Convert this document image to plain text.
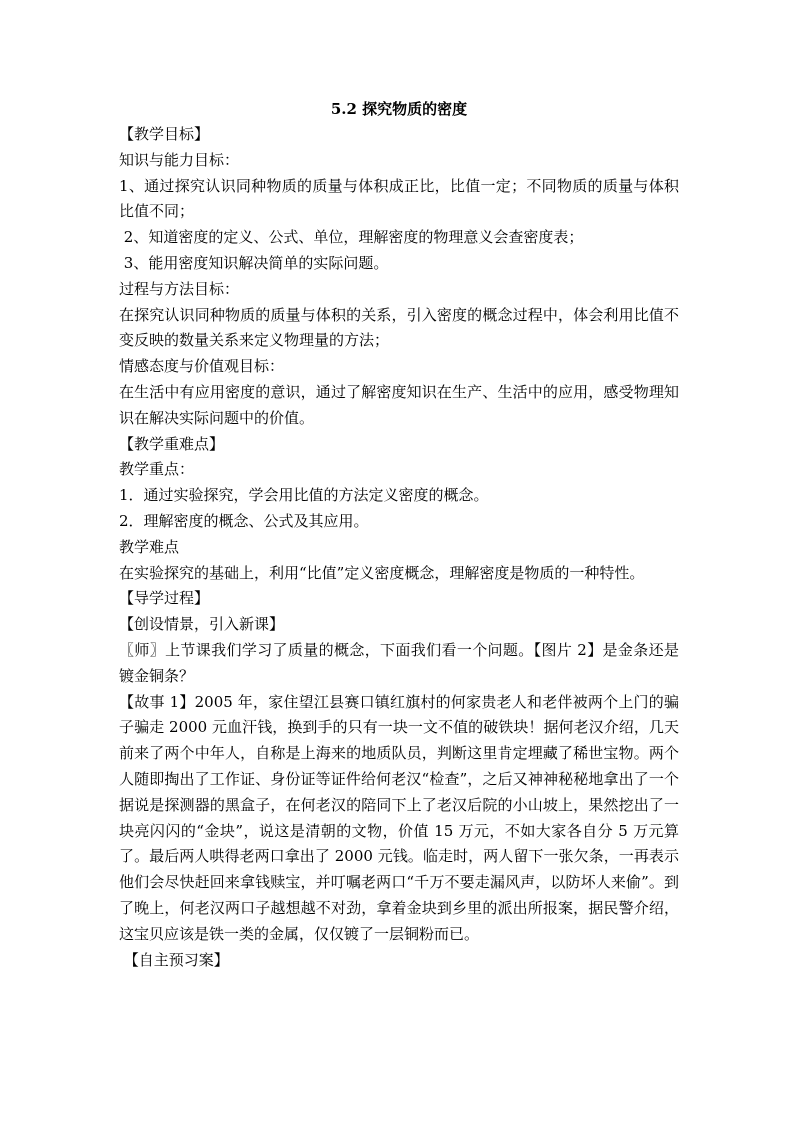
5.2 探究物质的密度

【教学目标】

知识与能力目标：

1、通过探究认识同种物质的质量与体积成正比，比值一定；不同物质的质量与体积比值不同；

2、知道密度的定义、公式、单位，理解密度的物理意义会查密度表；

3、能用密度知识解决简单的实际问题。

过程与方法目标：

在探究认识同种物质的质量与体积的关系，引入密度的概念过程中，体会利用比值不变反映的数量关系来定义物理量的方法；

情感态度与价值观目标：

在生活中有应用密度的意识，通过了解密度知识在生产、生活中的应用，感受物理知识在解决实际问题中的价值。

【教学重难点】

教学重点：

1．通过实验探究，学会用比值的方法定义密度的概念。

2．理解密度的概念、公式及其应用。

教学难点

在实验探究的基础上，利用“比值”定义密度概念，理解密度是物质的一种特性。

【导学过程】

【创设情景，引入新课】

〖师〗上节课我们学习了质量的概念，下面我们看一个问题。【图片 2】是金条还是镀金铜条？

【故事 1】2005 年，家住望江县赛口镇红旗村的何家贵老人和老伴被两个上门的骗子骗走 2000 元血汗钱，换到手的只有一块一文不值的破铁块！据何老汉介绍，几天前来了两个中年人，自称是上海来的地质队员，判断这里肯定埋藏了稀世宝物。两个人随即掏出了工作证、身份证等证件给何老汉“检查”，之后又神神秘秘地拿出了一个据说是探测器的黑盒子，在何老汉的陪同下上了老汉后院的小山坡上，果然挖出了一块亮闪闪的“金块”，说这是清朝的文物，价值 15 万元，不如大家各自分 5 万元算了。最后两人哄得老两口拿出了 2000 元钱。临走时，两人留下一张欠条，一再表示他们会尽快赶回来拿钱赎宝，并叮嘱老两口“千万不要走漏风声，以防坏人来偷”。到了晚上，何老汉两口子越想越不对劲，拿着金块到乡里的派出所报案，据民警介绍，这宝贝应该是铁一类的金属，仅仅镀了一层铜粉而已。

【自主预习案】
